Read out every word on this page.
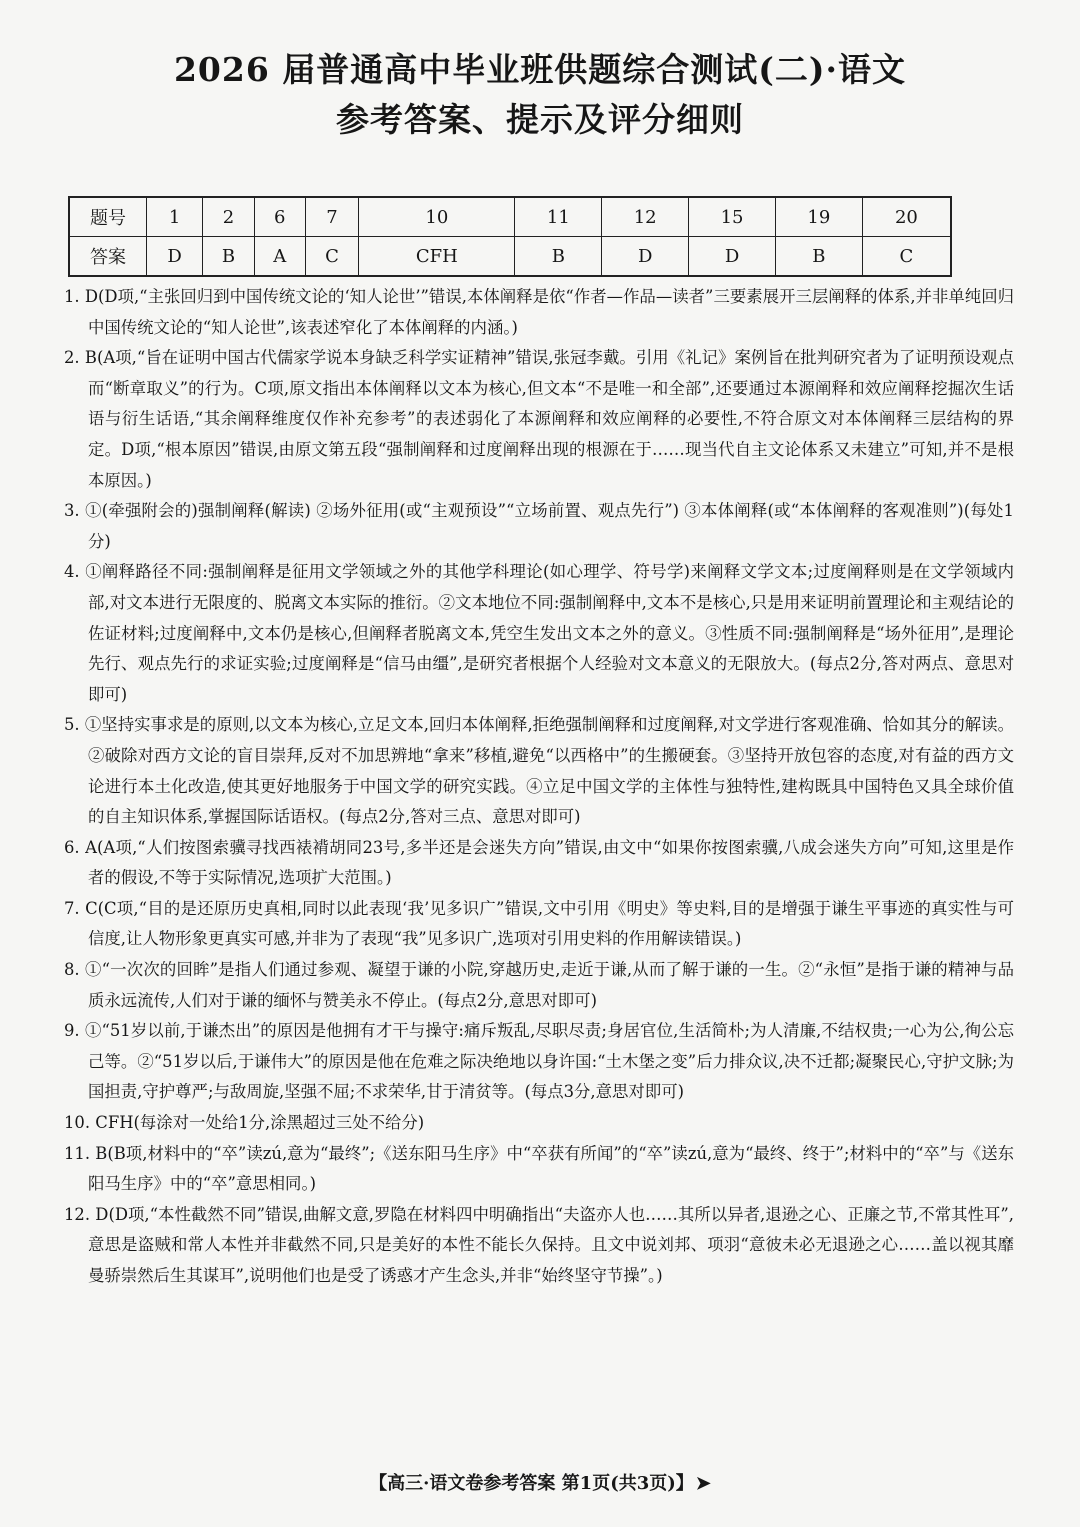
2026 届普通高中毕业班供题综合测试(二)·语文
参考答案、提示及评分细则
题号	1	2	6	7	10	11	12	15	19	20
答案	D	B	A	C	CFH	B	D	D	B	C
1. D(D项,“主张回归到中国传统文论的‘知人论世’”错误,本体阐释是依“作者—作品—读者”三要素展开三层阐释的体系,并非单纯回归中国传统文论的“知人论世”,该表述窄化了本体阐释的内涵。)
2. B(A项,“旨在证明中国古代儒家学说本身缺乏科学实证精神”错误,张冠李戴。引用《礼记》案例旨在批判研究者为了证明预设观点而“断章取义”的行为。C项,原文指出本体阐释以文本为核心,但文本“不是唯一和全部”,还要通过本源阐释和效应阐释挖掘次生话语与衍生话语,“其余阐释维度仅作补充参考”的表述弱化了本源阐释和效应阐释的必要性,不符合原文对本体阐释三层结构的界定。D项,“根本原因”错误,由原文第五段“强制阐释和过度阐释出现的根源在于……现当代自主文论体系又未建立”可知,并不是根本原因。)
3. ①(牵强附会的)强制阐释(解读) ②场外征用(或“主观预设”“立场前置、观点先行”) ③本体阐释(或“本体阐释的客观准则”)(每处1分)
4. ①阐释路径不同:强制阐释是征用文学领域之外的其他学科理论(如心理学、符号学)来阐释文学文本;过度阐释则是在文学领域内部,对文本进行无限度的、脱离文本实际的推衍。②文本地位不同:强制阐释中,文本不是核心,只是用来证明前置理论和主观结论的佐证材料;过度阐释中,文本仍是核心,但阐释者脱离文本,凭空生发出文本之外的意义。③性质不同:强制阐释是“场外征用”,是理论先行、观点先行的求证实验;过度阐释是“信马由缰”,是研究者根据个人经验对文本意义的无限放大。(每点2分,答对两点、意思对即可)
5. ①坚持实事求是的原则,以文本为核心,立足文本,回归本体阐释,拒绝强制阐释和过度阐释,对文学进行客观准确、恰如其分的解读。②破除对西方文论的盲目崇拜,反对不加思辨地“拿来”移植,避免“以西格中”的生搬硬套。③坚持开放包容的态度,对有益的西方文论进行本土化改造,使其更好地服务于中国文学的研究实践。④立足中国文学的主体性与独特性,建构既具中国特色又具全球价值的自主知识体系,掌握国际话语权。(每点2分,答对三点、意思对即可)
6. A(A项,“人们按图索骥寻找西裱褙胡同23号,多半还是会迷失方向”错误,由文中“如果你按图索骥,八成会迷失方向”可知,这里是作者的假设,不等于实际情况,选项扩大范围。)
7. C(C项,“目的是还原历史真相,同时以此表现‘我’见多识广”错误,文中引用《明史》等史料,目的是增强于谦生平事迹的真实性与可信度,让人物形象更真实可感,并非为了表现“我”见多识广,选项对引用史料的作用解读错误。)
8. ①“一次次的回眸”是指人们通过参观、凝望于谦的小院,穿越历史,走近于谦,从而了解于谦的一生。②“永恒”是指于谦的精神与品质永远流传,人们对于谦的缅怀与赞美永不停止。(每点2分,意思对即可)
9. ①“51岁以前,于谦杰出”的原因是他拥有才干与操守:痛斥叛乱,尽职尽责;身居官位,生活简朴;为人清廉,不结权贵;一心为公,徇公忘己等。②“51岁以后,于谦伟大”的原因是他在危难之际决绝地以身许国:“土木堡之变”后力排众议,决不迁都;凝聚民心,守护文脉;为国担责,守护尊严;与敌周旋,坚强不屈;不求荣华,甘于清贫等。(每点3分,意思对即可)
10. CFH(每涂对一处给1分,涂黑超过三处不给分)
11. B(B项,材料中的“卒”读zú,意为“最终”;《送东阳马生序》中“卒获有所闻”的“卒”读zú,意为“最终、终于”;材料中的“卒”与《送东阳马生序》中的“卒”意思相同。)
12. D(D项,“本性截然不同”错误,曲解文意,罗隐在材料四中明确指出“夫盗亦人也……其所以异者,退逊之心、正廉之节,不常其性耳”,意思是盗贼和常人本性并非截然不同,只是美好的本性不能长久保持。且文中说刘邦、项羽“意彼未必无退逊之心……盖以视其靡曼骄崇然后生其谋耳”,说明他们也是受了诱惑才产生念头,并非“始终坚守节操”。)
【高三·语文卷参考答案 第1页(共3页)】 ➤
